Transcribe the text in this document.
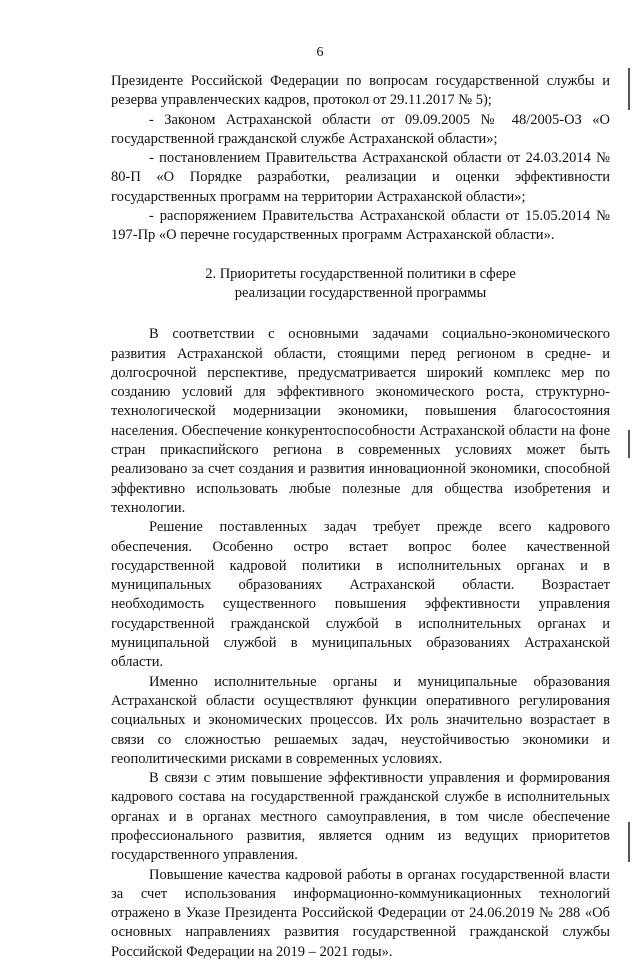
6

Президенте Российской Федерации по вопросам государственной службы и резерва управленческих кадров, протокол от 29.11.2017 № 5);

- Законом Астраханской области от 09.09.2005 № 48/2005-ОЗ «О государственной гражданской службе Астраханской области»;

- постановлением Правительства Астраханской области от 24.03.2014 № 80-П «О Порядке разработки, реализации и оценки эффективности государственных программ на территории Астраханской области»;

- распоряжением Правительства Астраханской области от 15.05.2014 № 197-Пр «О перечне государственных программ Астраханской области».

2. Приоритеты государственной политики в сфере
реализации государственной программы

В соответствии с основными задачами социально-экономического развития Астраханской области, стоящими перед регионом в средне- и долгосрочной перспективе, предусматривается широкий комплекс мер по созданию условий для эффективного экономического роста, структурно-технологической модернизации экономики, повышения благосостояния населения. Обеспечение конкурентоспособности Астраханской области на фоне стран прикаспийского региона в современных условиях может быть реализовано за счет создания и развития инновационной экономики, способной эффективно использовать любые полезные для общества изобретения и технологии.

Решение поставленных задач требует прежде всего кадрового обеспечения. Особенно остро встает вопрос более качественной государственной кадровой политики в исполнительных органах и в муниципальных образованиях Астраханской области. Возрастает необходимость существенного повышения эффективности управления государственной гражданской службой в исполнительных органах и муниципальной службой в муниципальных образованиях Астраханской области.

Именно исполнительные органы и муниципальные образования Астраханской области осуществляют функции оперативного регулирования социальных и экономических процессов. Их роль значительно возрастает в связи со сложностью решаемых задач, неустойчивостью экономики и геополитическими рисками в современных условиях.

В связи с этим повышение эффективности управления и формирования кадрового состава на государственной гражданской службе в исполнительных органах и в органах местного самоуправления, в том числе обеспечение профессионального развития, является одним из ведущих приоритетов государственного управления.

Повышение качества кадровой работы в органах государственной власти за счет использования информационно-коммуникационных технологий отражено в Указе Президента Российской Федерации от 24.06.2019 № 288 «Об основных направлениях развития государственной гражданской службы Российской Федерации на 2019 – 2021 годы».
